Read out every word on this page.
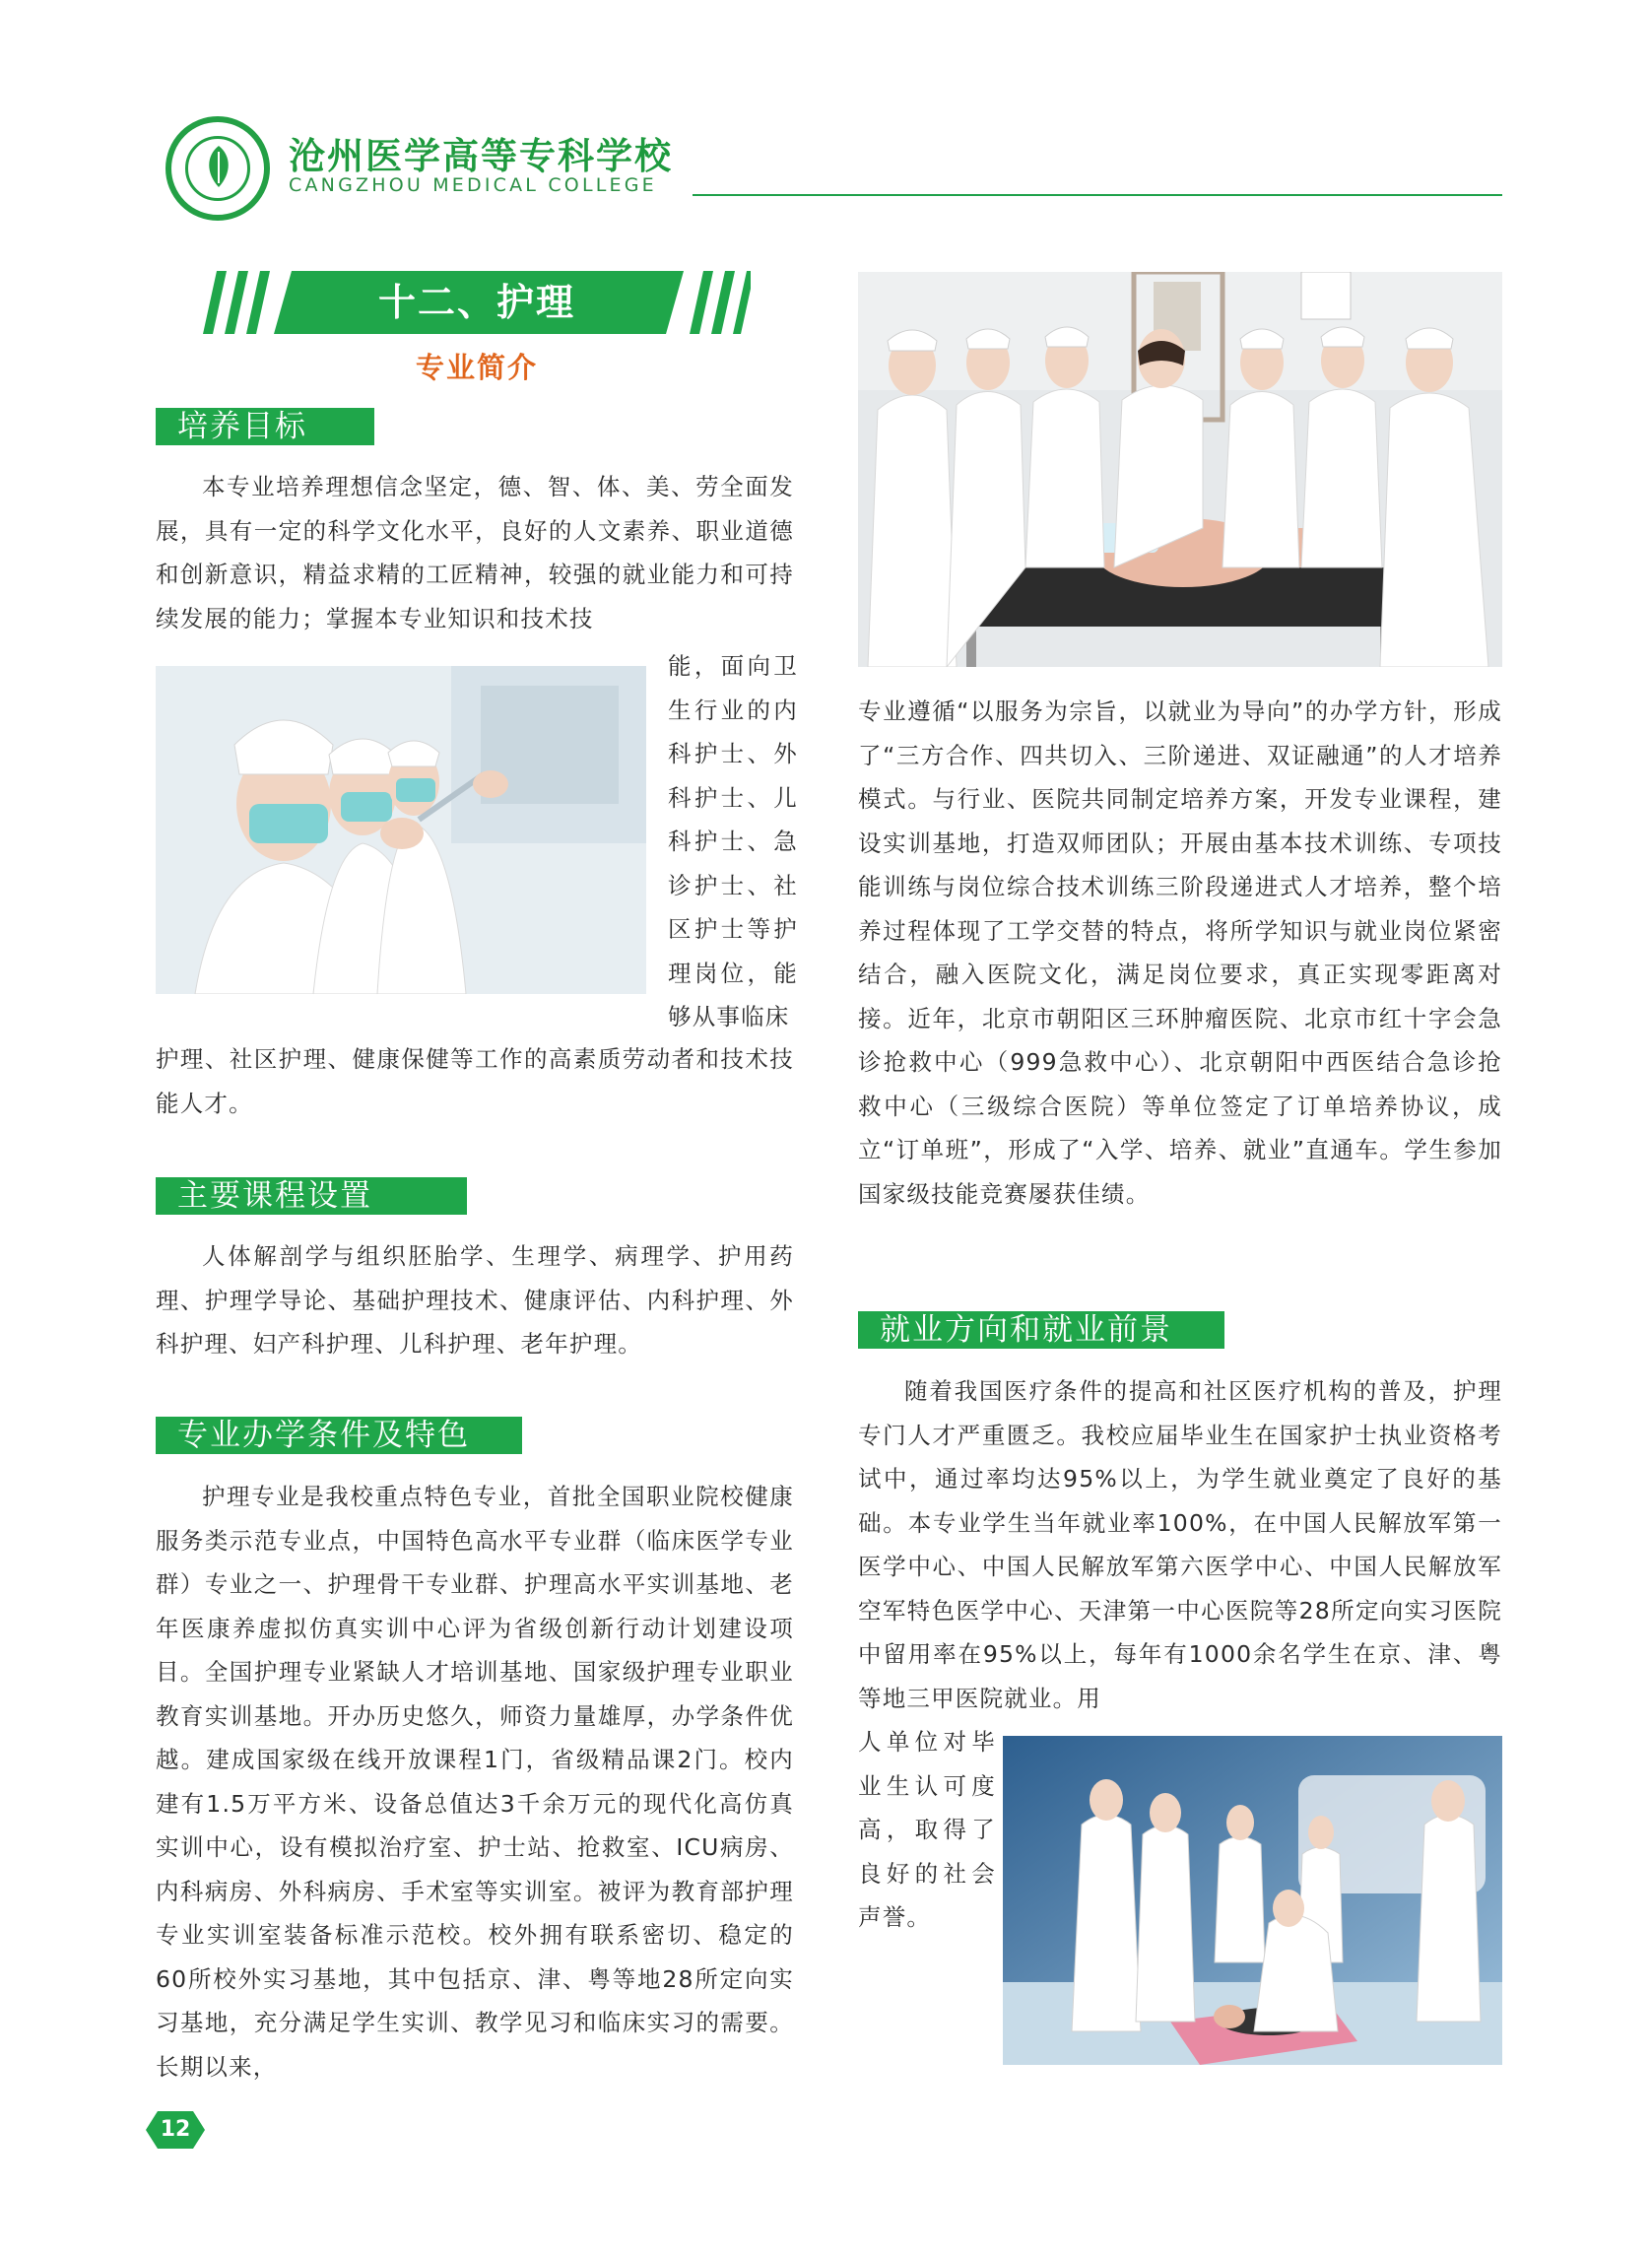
沧州医学高等专科学校
CANGZHOU MEDICAL COLLEGE
十二、护理
专业简介
培养目标
本专业培养理想信念坚定，德、智、体、美、劳全面发展，具有一定的科学文化水平，良好的人文素养、职业道德和创新意识，精益求精的工匠精神，较强的就业能力和可持续发展的能力；掌握本专业知识和技术技
能，面向卫生行业的内科护士、外科护士、儿科护士、急诊护士、社区护士等护理岗位，能够从事临床
护理、社区护理、健康保健等工作的高素质劳动者和技术技能人才。
主要课程设置
人体解剖学与组织胚胎学、生理学、病理学、护用药理、护理学导论、基础护理技术、健康评估、内科护理、外科护理、妇产科护理、儿科护理、老年护理。
专业办学条件及特色
护理专业是我校重点特色专业，首批全国职业院校健康服务类示范专业点，中国特色高水平专业群（临床医学专业群）专业之一、护理骨干专业群、护理高水平实训基地、老年医康养虚拟仿真实训中心评为省级创新行动计划建设项目。全国护理专业紧缺人才培训基地、国家级护理专业职业教育实训基地。开办历史悠久，师资力量雄厚，办学条件优越。建成国家级在线开放课程1门，省级精品课2门。校内建有1.5万平方米、设备总值达3千余万元的现代化高仿真实训中心，设有模拟治疗室、护士站、抢救室、ICU病房、内科病房、外科病房、手术室等实训室。被评为教育部护理专业实训室装备标准示范校。校外拥有联系密切、稳定的60所校外实习基地，其中包括京、津、粤等地28所定向实习基地，充分满足学生实训、教学见习和临床实习的需要。长期以来，
专业遵循“以服务为宗旨，以就业为导向”的办学方针，形成了“三方合作、四共切入、三阶递进、双证融通”的人才培养模式。与行业、医院共同制定培养方案，开发专业课程，建设实训基地，打造双师团队；开展由基本技术训练、专项技能训练与岗位综合技术训练三阶段递进式人才培养，整个培养过程体现了工学交替的特点，将所学知识与就业岗位紧密结合，融入医院文化，满足岗位要求，真正实现零距离对接。近年，北京市朝阳区三环肿瘤医院、北京市红十字会急诊抢救中心（999急救中心）、北京朝阳中西医结合急诊抢救中心（三级综合医院）等单位签定了订单培养协议，成立“订单班”，形成了“入学、培养、就业”直通车。学生参加国家级技能竞赛屡获佳绩。
就业方向和就业前景
随着我国医疗条件的提高和社区医疗机构的普及，护理专门人才严重匮乏。我校应届毕业生在国家护士执业资格考试中，通过率均达95%以上，为学生就业奠定了良好的基础。本专业学生当年就业率100%，在中国人民解放军第一医学中心、中国人民解放军第六医学中心、中国人民解放军空军特色医学中心、天津第一中心医院等28所定向实习医院中留用率在95%以上，每年有1000余名学生在京、津、粤等地三甲医院就业。用
人单位对毕业生认可度高，取得了良好的社会声誉。
12
